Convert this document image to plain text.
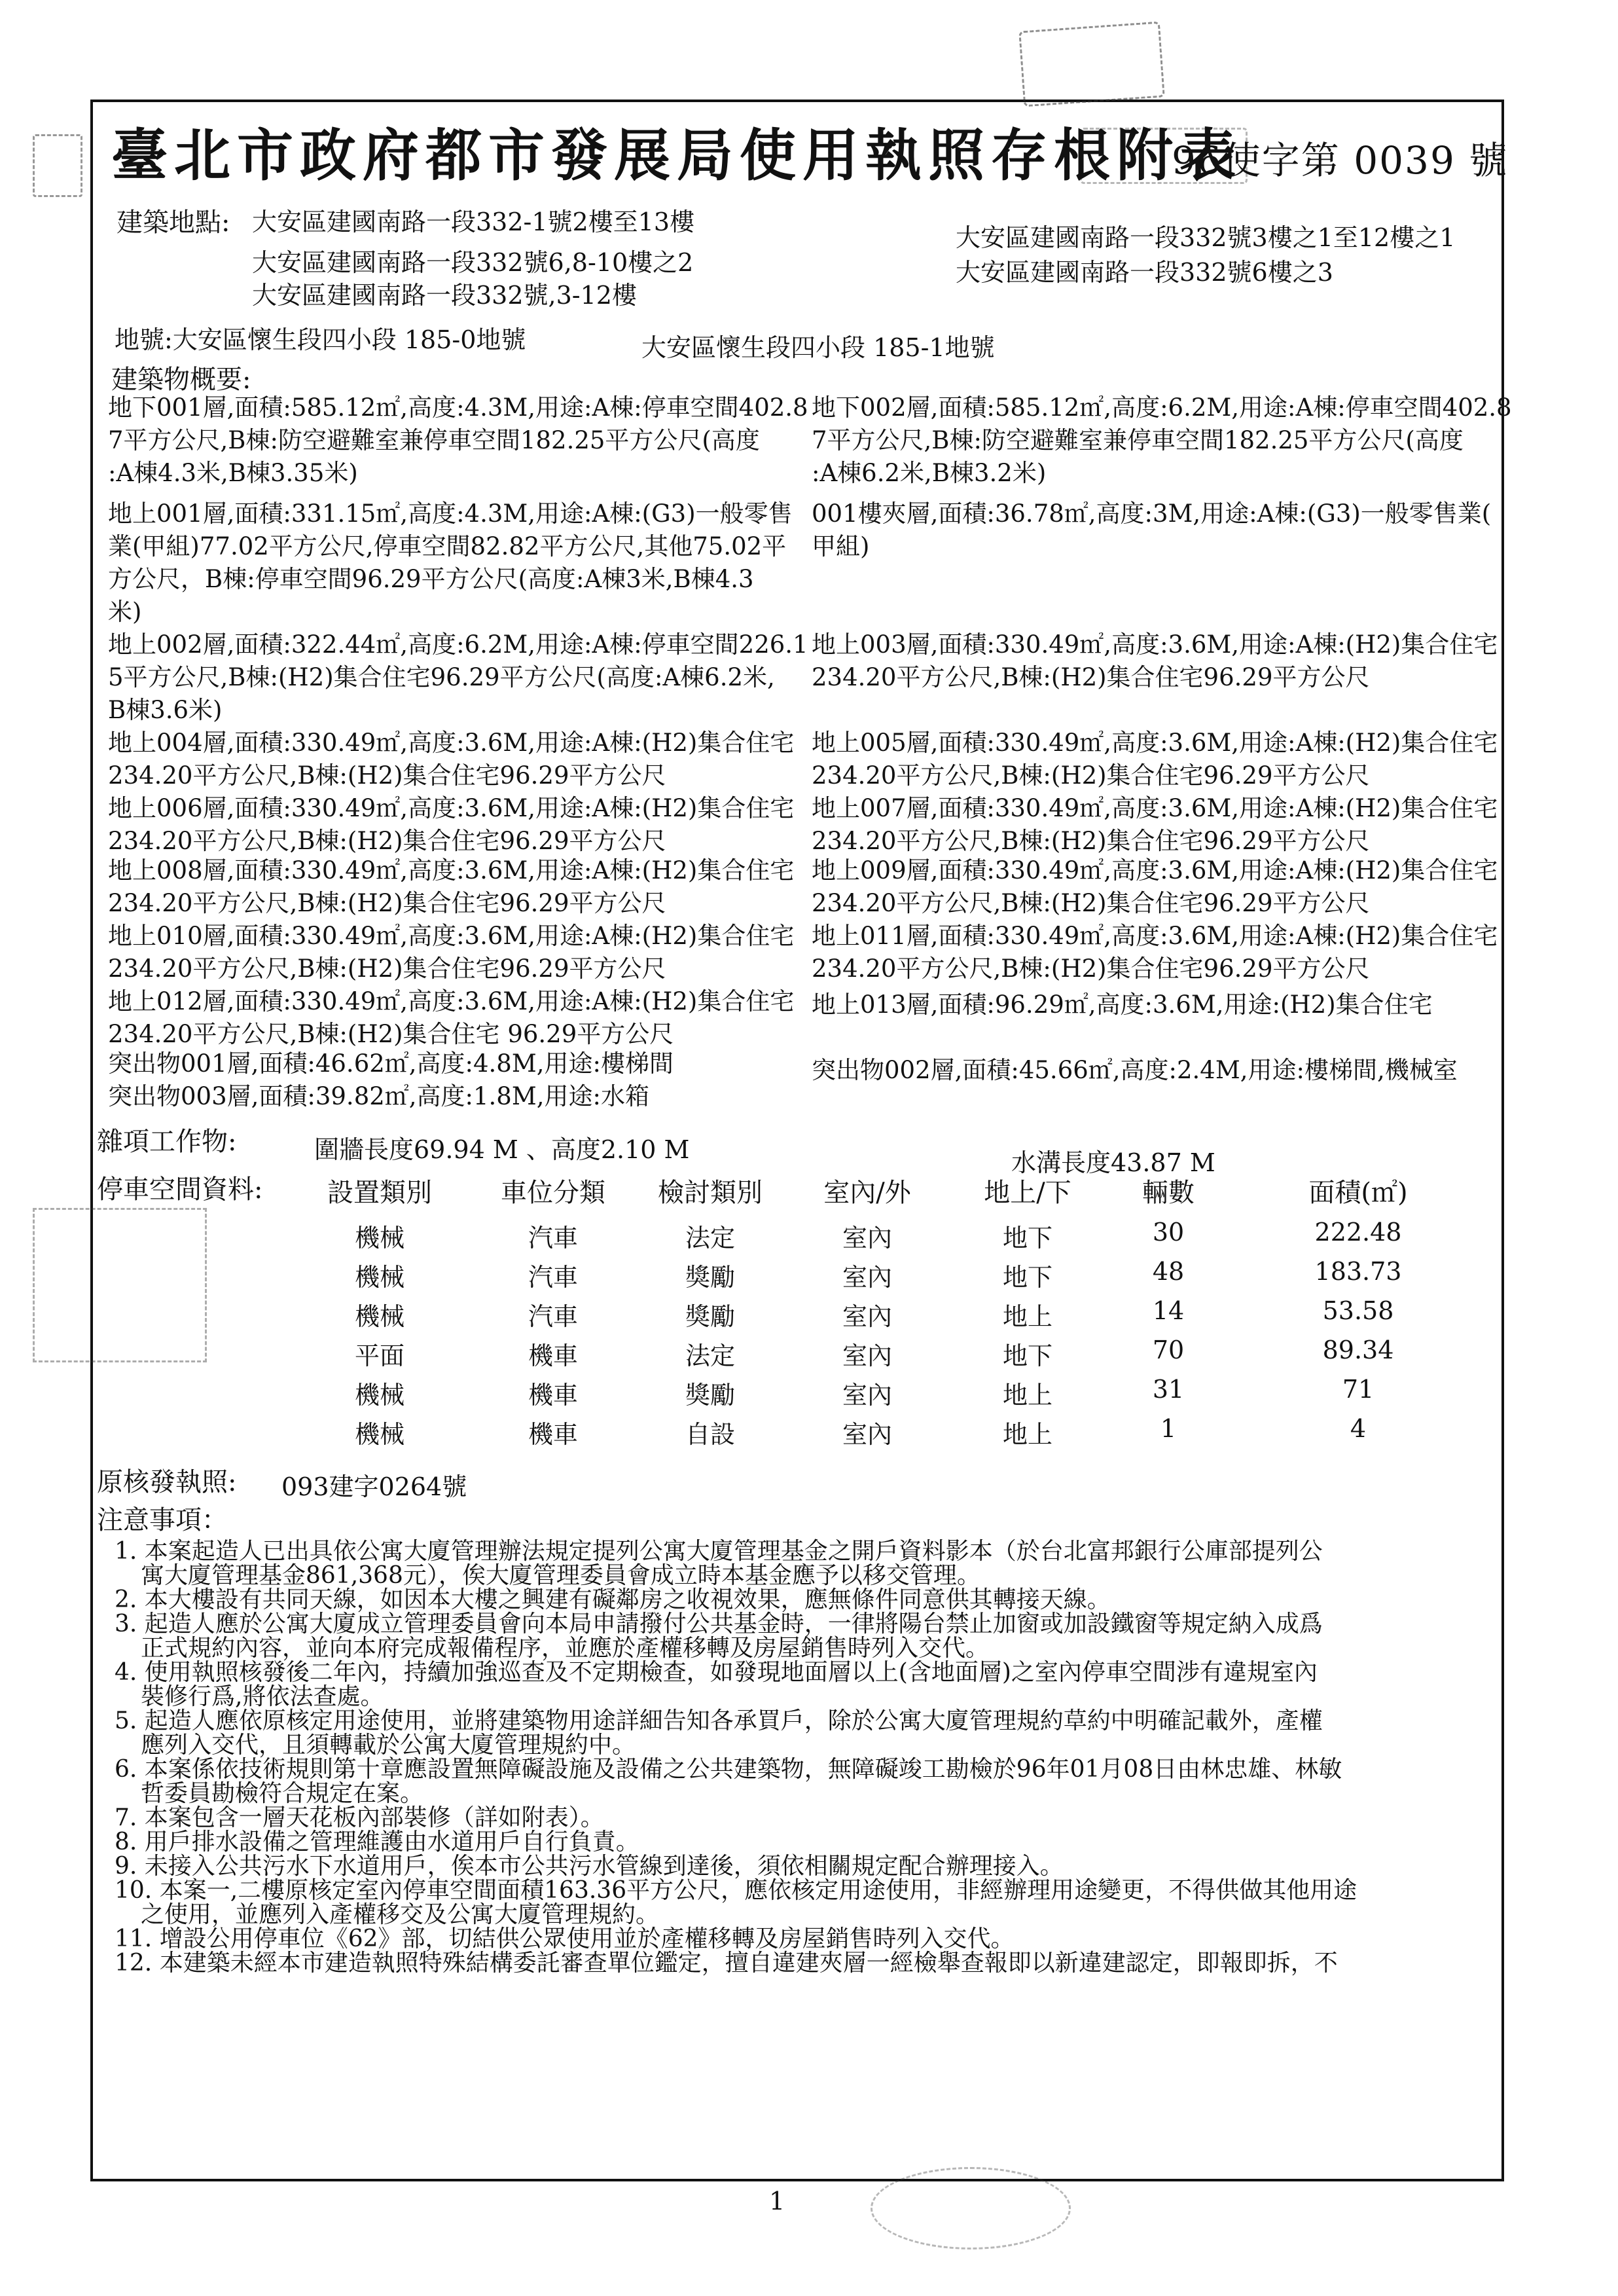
臺北市政府都市發展局使用執照存根附表
96使字第 0039 號
建築地點: 大安區建國南路一段332-1號2樓至13樓
大安區建國南路一段332號6,8-10樓之2
大安區建國南路一段332號,3-12樓
大安區建國南路一段332號3樓之1至12樓之1
大安區建國南路一段332號6樓之3
地號:大安區懷生段四小段 185-0地號	大安區懷生段四小段 185-1地號
建築物概要:
地下001層,面積:585.12㎡,高度:4.3M,用途:A棟:停車空間402.8
7平方公尺,B棟:防空避難室兼停車空間182.25平方公尺(高度
:A棟4.3米,B棟3.35米)
地上001層,面積:331.15㎡,高度:4.3M,用途:A棟:(G3)一般零售
業(甲組)77.02平方公尺,停車空間82.82平方公尺,其他75.02平
方公尺，B棟:停車空間96.29平方公尺(高度:A棟3米,B棟4.3
米)
地上002層,面積:322.44㎡,高度:6.2M,用途:A棟:停車空間226.1
5平方公尺,B棟:(H2)集合住宅96.29平方公尺(高度:A棟6.2米,
B棟3.6米)
地上004層,面積:330.49㎡,高度:3.6M,用途:A棟:(H2)集合住宅
234.20平方公尺,B棟:(H2)集合住宅96.29平方公尺
地上006層,面積:330.49㎡,高度:3.6M,用途:A棟:(H2)集合住宅
234.20平方公尺,B棟:(H2)集合住宅96.29平方公尺
地上008層,面積:330.49㎡,高度:3.6M,用途:A棟:(H2)集合住宅
234.20平方公尺,B棟:(H2)集合住宅96.29平方公尺
地上010層,面積:330.49㎡,高度:3.6M,用途:A棟:(H2)集合住宅
234.20平方公尺,B棟:(H2)集合住宅96.29平方公尺
地上012層,面積:330.49㎡,高度:3.6M,用途:A棟:(H2)集合住宅
234.20平方公尺,B棟:(H2)集合住宅 96.29平方公尺
突出物001層,面積:46.62㎡,高度:4.8M,用途:樓梯間
突出物003層,面積:39.82㎡,高度:1.8M,用途:水箱
地下002層,面積:585.12㎡,高度:6.2M,用途:A棟:停車空間402.8
7平方公尺,B棟:防空避難室兼停車空間182.25平方公尺(高度
:A棟6.2米,B棟3.2米)
001樓夾層,面積:36.78㎡,高度:3M,用途:A棟:(G3)一般零售業(
甲組)
地上003層,面積:330.49㎡,高度:3.6M,用途:A棟:(H2)集合住宅
234.20平方公尺,B棟:(H2)集合住宅96.29平方公尺
地上005層,面積:330.49㎡,高度:3.6M,用途:A棟:(H2)集合住宅
234.20平方公尺,B棟:(H2)集合住宅96.29平方公尺
地上007層,面積:330.49㎡,高度:3.6M,用途:A棟:(H2)集合住宅
234.20平方公尺,B棟:(H2)集合住宅96.29平方公尺
地上009層,面積:330.49㎡,高度:3.6M,用途:A棟:(H2)集合住宅
234.20平方公尺,B棟:(H2)集合住宅96.29平方公尺
地上011層,面積:330.49㎡,高度:3.6M,用途:A棟:(H2)集合住宅
234.20平方公尺,B棟:(H2)集合住宅96.29平方公尺
地上013層,面積:96.29㎡,高度:3.6M,用途:(H2)集合住宅
突出物002層,面積:45.66㎡,高度:2.4M,用途:樓梯間,機械室
雜項工作物:	圍牆長度69.94 M 、高度2.10 M	水溝長度43.87 M
停車空間資料:	設置類別	車位分類	檢討類別	室內/外	地上/下	輛數	面積(㎡)
機械	汽車	法定	室內	地下	30	222.48
機械	汽車	獎勵	室內	地下	48	183.73
機械	汽車	獎勵	室內	地上	14	53.58
平面	機車	法定	室內	地下	70	89.34
機械	機車	獎勵	室內	地上	31	71
機械	機車	自設	室內	地上	1	4
原核發執照: 093建字0264號
注意事項：
1. 本案起造人已出具依公寓大廈管理辦法規定提列公寓大廈管理基金之開戶資料影本（於台北富邦銀行公庫部提列公
寓大廈管理基金861,368元），俟大廈管理委員會成立時本基金應予以移交管理。
2. 本大樓設有共同天線，如因本大樓之興建有礙鄰房之收視效果，應無條件同意供其轉接天線。
3. 起造人應於公寓大廈成立管理委員會向本局申請撥付公共基金時，一律將陽台禁止加窗或加設鐵窗等規定納入成爲
正式規約內容，並向本府完成報備程序，並應於產權移轉及房屋銷售時列入交代。
4. 使用執照核發後二年內，持續加強巡查及不定期檢查，如發現地面層以上(含地面層)之室內停車空間涉有違規室內
裝修行爲,將依法查處。
5. 起造人應依原核定用途使用，並將建築物用途詳細告知各承買戶，除於公寓大廈管理規約草約中明確記載外，產權
應列入交代，且須轉載於公寓大廈管理規約中。
6. 本案係依技術規則第十章應設置無障礙設施及設備之公共建築物，無障礙竣工勘檢於96年01月08日由林忠雄、林敏
哲委員勘檢符合規定在案。
7. 本案包含一層天花板內部裝修（詳如附表）。
8. 用戶排水設備之管理維護由水道用戶自行負責。
9. 未接入公共污水下水道用戶，俟本市公共污水管線到達後，須依相關規定配合辦理接入。
10. 本案一,二樓原核定室內停車空間面積163.36平方公尺，應依核定用途使用，非經辦理用途變更，不得供做其他用途
之使用，並應列入產權移交及公寓大廈管理規約。
11. 增設公用停車位《62》部，切結供公眾使用並於產權移轉及房屋銷售時列入交代。
12. 本建築未經本市建造執照特殊結構委託審查單位鑑定，擅自違建夾層一經檢舉查報即以新違建認定，即報即拆，不
1
